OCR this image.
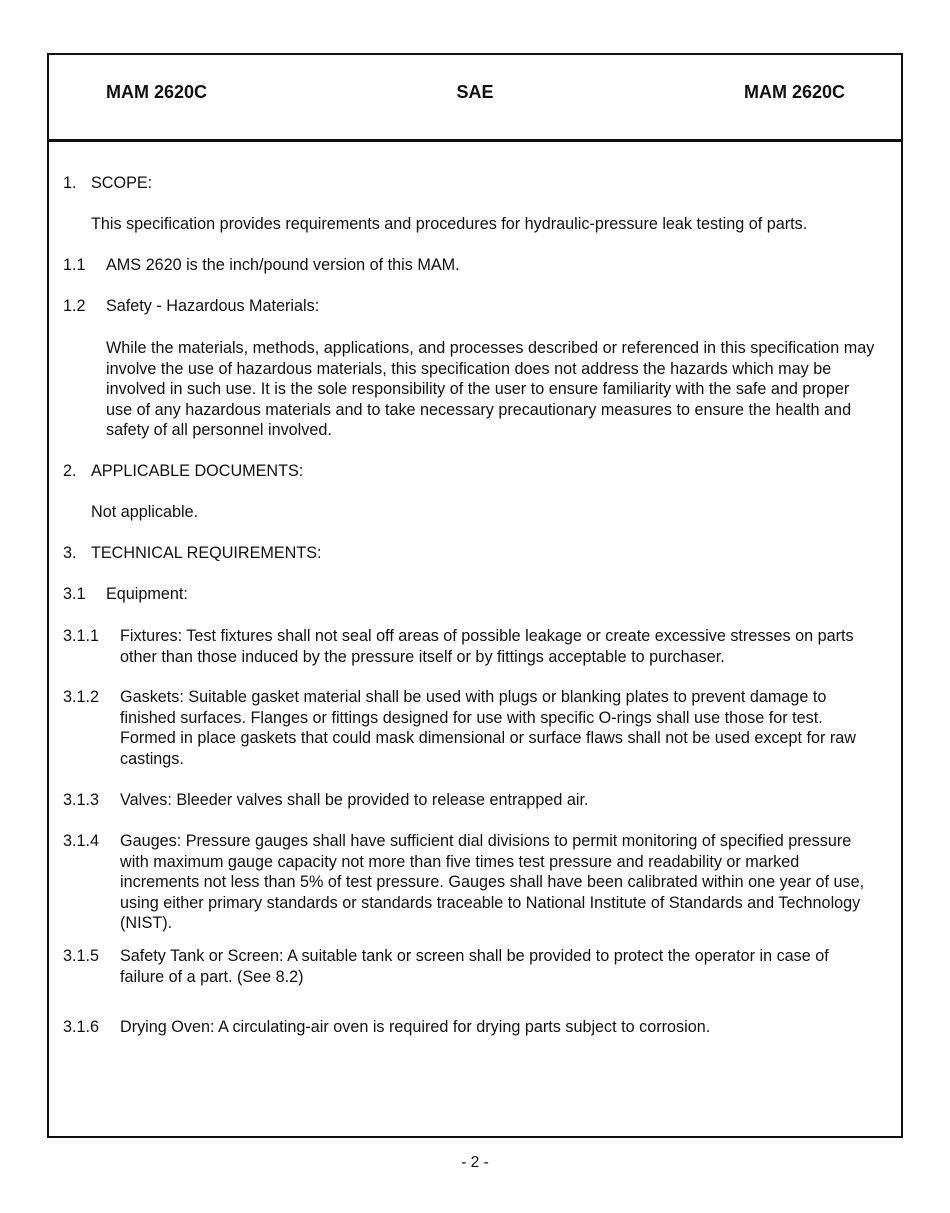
MAM 2620C	SAE	MAM 2620C
1. SCOPE:
This specification provides requirements and procedures for hydraulic-pressure leak testing of parts.
1.1 AMS 2620 is the inch/pound version of this MAM.
1.2 Safety - Hazardous Materials:
While the materials, methods, applications, and processes described or referenced in this specification may involve the use of hazardous materials, this specification does not address the hazards which may be involved in such use. It is the sole responsibility of the user to ensure familiarity with the safe and proper use of any hazardous materials and to take necessary precautionary measures to ensure the health and safety of all personnel involved.
2. APPLICABLE DOCUMENTS:
Not applicable.
3. TECHNICAL REQUIREMENTS:
3.1 Equipment:
3.1.1 Fixtures: Test fixtures shall not seal off areas of possible leakage or create excessive stresses on parts other than those induced by the pressure itself or by fittings acceptable to purchaser.
3.1.2 Gaskets: Suitable gasket material shall be used with plugs or blanking plates to prevent damage to finished surfaces. Flanges or fittings designed for use with specific O-rings shall use those for test. Formed in place gaskets that could mask dimensional or surface flaws shall not be used except for raw castings.
3.1.3 Valves: Bleeder valves shall be provided to release entrapped air.
3.1.4 Gauges: Pressure gauges shall have sufficient dial divisions to permit monitoring of specified pressure with maximum gauge capacity not more than five times test pressure and readability or marked increments not less than 5% of test pressure. Gauges shall have been calibrated within one year of use, using either primary standards or standards traceable to National Institute of Standards and Technology (NIST).
3.1.5 Safety Tank or Screen: A suitable tank or screen shall be provided to protect the operator in case of failure of a part. (See 8.2)
3.1.6 Drying Oven: A circulating-air oven is required for drying parts subject to corrosion.
- 2 -
